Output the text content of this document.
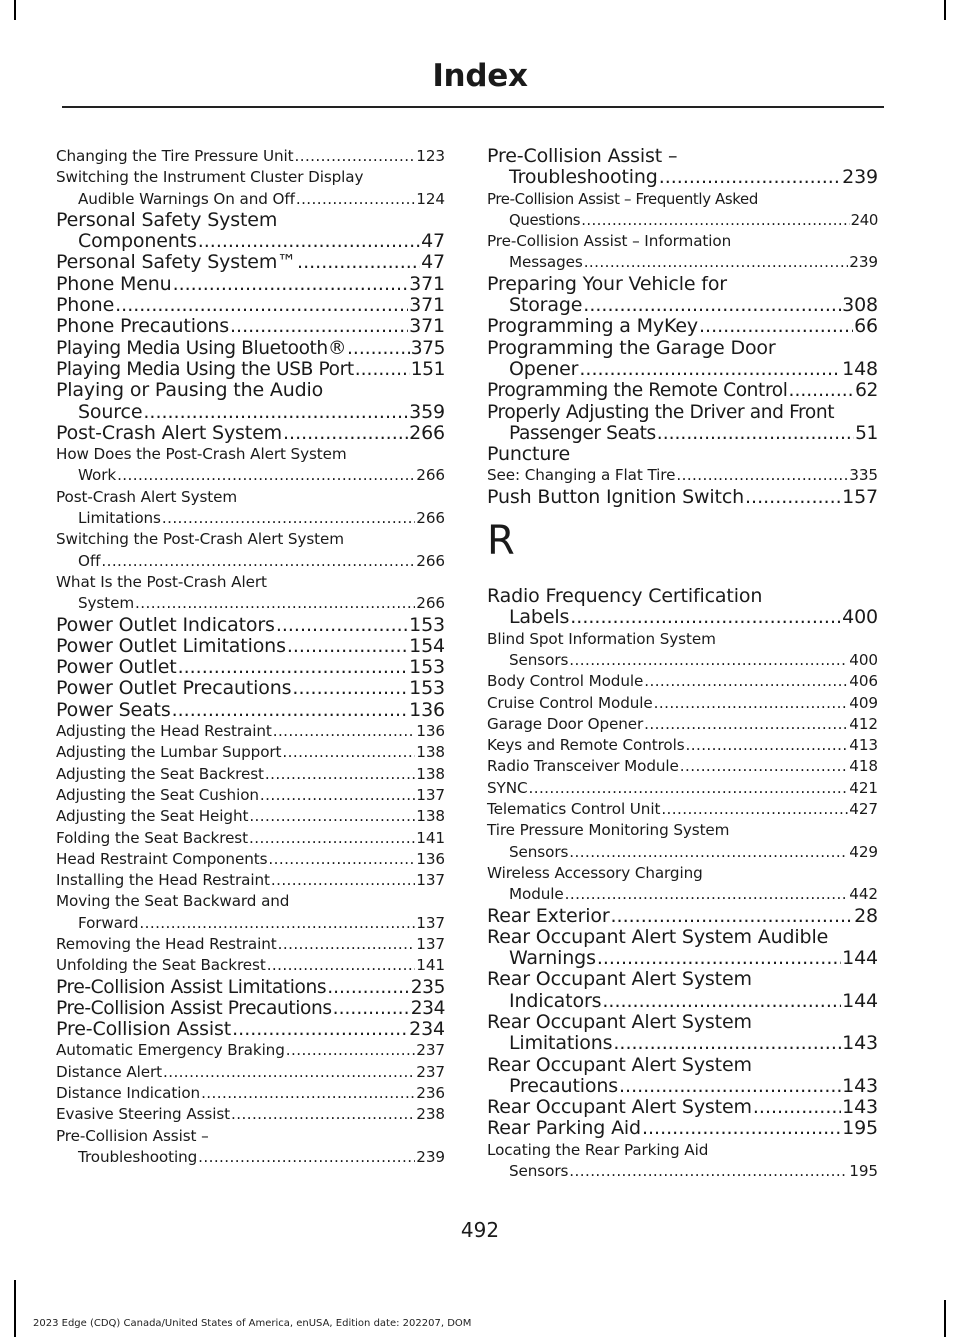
Index
Changing the Tire Pressure Unit .....	123
Switching the Instrument Cluster Display
Audible Warnings On and Off .....	124
Personal Safety System
Components .....	47
Personal Safety System™ .....	47
Phone Menu .....	371
Phone .....	371
Phone Precautions .....	371
Playing Media Using Bluetooth® .....	375
Playing Media Using the USB Port .....	151
Playing or Pausing the Audio
Source .....	359
Post-Crash Alert System .....	266
How Does the Post-Crash Alert System
Work .....	266
Post-Crash Alert System
Limitations .....	266
Switching the Post-Crash Alert System
Off .....	266
What Is the Post-Crash Alert
System .....	266
Power Outlet Indicators .....	153
Power Outlet Limitations .....	154
Power Outlet .....	153
Power Outlet Precautions .....	153
Power Seats .....	136
Adjusting the Head Restraint .....	136
Adjusting the Lumbar Support .....	138
Adjusting the Seat Backrest .....	138
Adjusting the Seat Cushion .....	137
Adjusting the Seat Height .....	138
Folding the Seat Backrest .....	141
Head Restraint Components .....	136
Installing the Head Restraint .....	137
Moving the Seat Backward and
Forward .....	137
Removing the Head Restraint .....	137
Unfolding the Seat Backrest .....	141
Pre-Collision Assist Limitations .....	235
Pre-Collision Assist Precautions .....	234
Pre-Collision Assist .....	234
Automatic Emergency Braking .....	237
Distance Alert .....	237
Distance Indication .....	236
Evasive Steering Assist .....	238
Pre-Collision Assist –
Troubleshooting .....	239
Pre-Collision Assist –
Troubleshooting .....	239
Pre-Collision Assist – Frequently Asked
Questions .....	240
Pre-Collision Assist – Information
Messages .....	239
Preparing Your Vehicle for
Storage .....	308
Programming a MyKey .....	66
Programming the Garage Door
Opener .....	148
Programming the Remote Control .....	62
Properly Adjusting the Driver and Front
Passenger Seats .....	51
Puncture
See: Changing a Flat Tire .....	335
Push Button Ignition Switch .....	157
R
Radio Frequency Certification
Labels .....	400
Blind Spot Information System
Sensors .....	400
Body Control Module .....	406
Cruise Control Module .....	409
Garage Door Opener .....	412
Keys and Remote Controls .....	413
Radio Transceiver Module .....	418
SYNC .....	421
Telematics Control Unit .....	427
Tire Pressure Monitoring System
Sensors .....	429
Wireless Accessory Charging
Module .....	442
Rear Exterior .....	28
Rear Occupant Alert System Audible
Warnings .....	144
Rear Occupant Alert System
Indicators .....	144
Rear Occupant Alert System
Limitations .....	143
Rear Occupant Alert System
Precautions .....	143
Rear Occupant Alert System .....	143
Rear Parking Aid .....	195
Locating the Rear Parking Aid
Sensors .....	195
492
2023 Edge (CDQ) Canada/United States of America, enUSA, Edition date: 202207, DOM
